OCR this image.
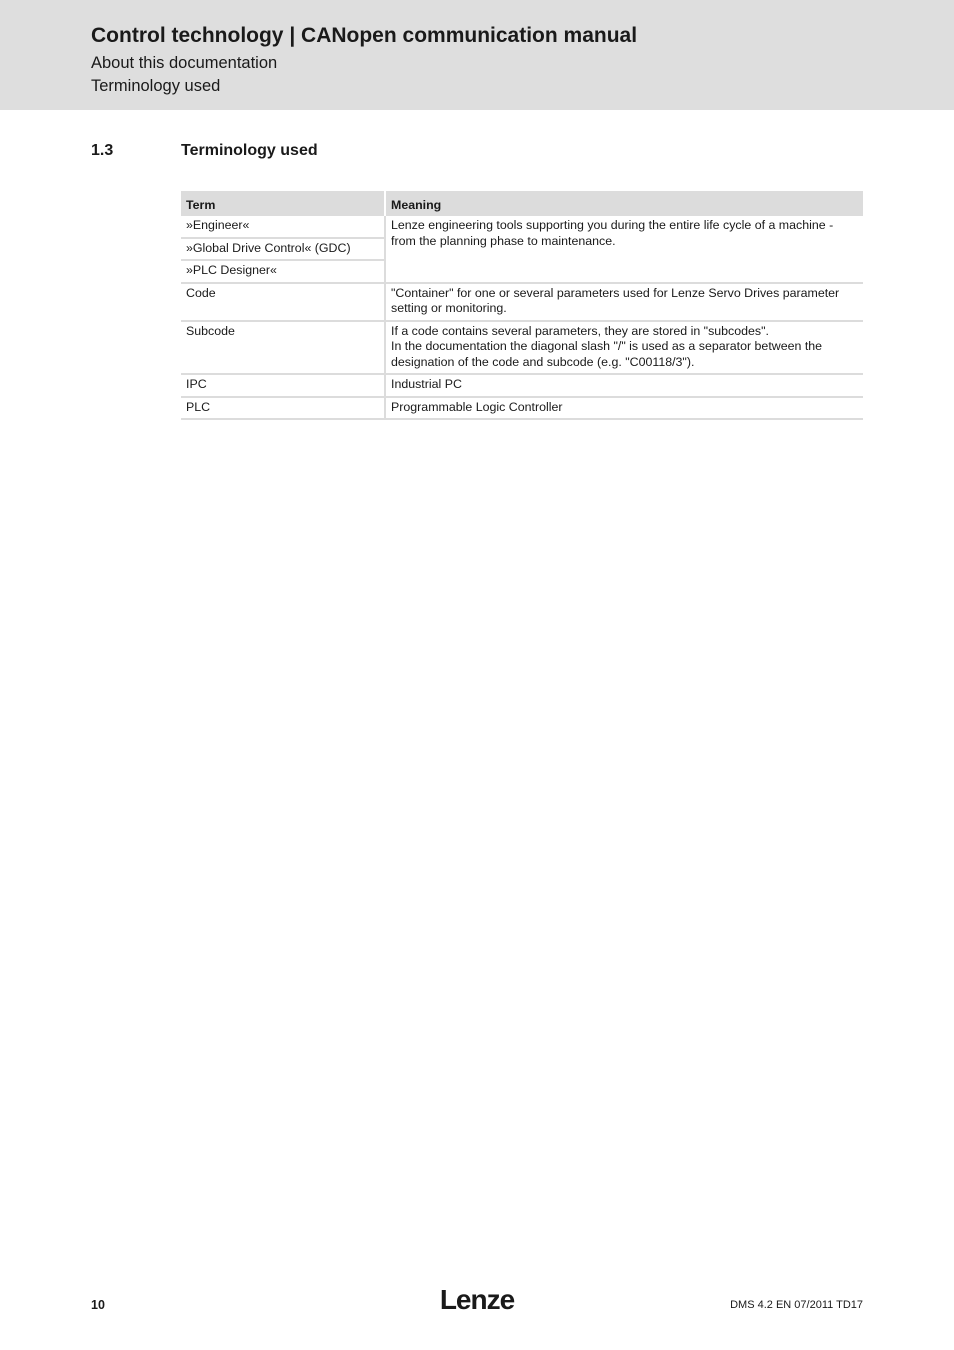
Control technology | CANopen communication manual
About this documentation
Terminology used
1.3	Terminology used
Term	Meaning
»Engineer«	Lenze engineering tools supporting you during the entire life cycle of a machine - from the planning phase to maintenance.

»Global Drive Control« (GDC)	
»PLC Designer«	
Code	"Container" for one or several parameters used for Lenze Servo Drives parameter setting or monitoring.

Subcode	If a code contains several parameters, they are stored in "subcodes".
In the documentation the diagonal slash "/" is used as a separator between the designation of the code and subcode (e.g. "C00118/3").

IPC	Industrial PC

PLC	Programmable Logic Controller
10	Lenze	DMS 4.2 EN 07/2011 TD17
